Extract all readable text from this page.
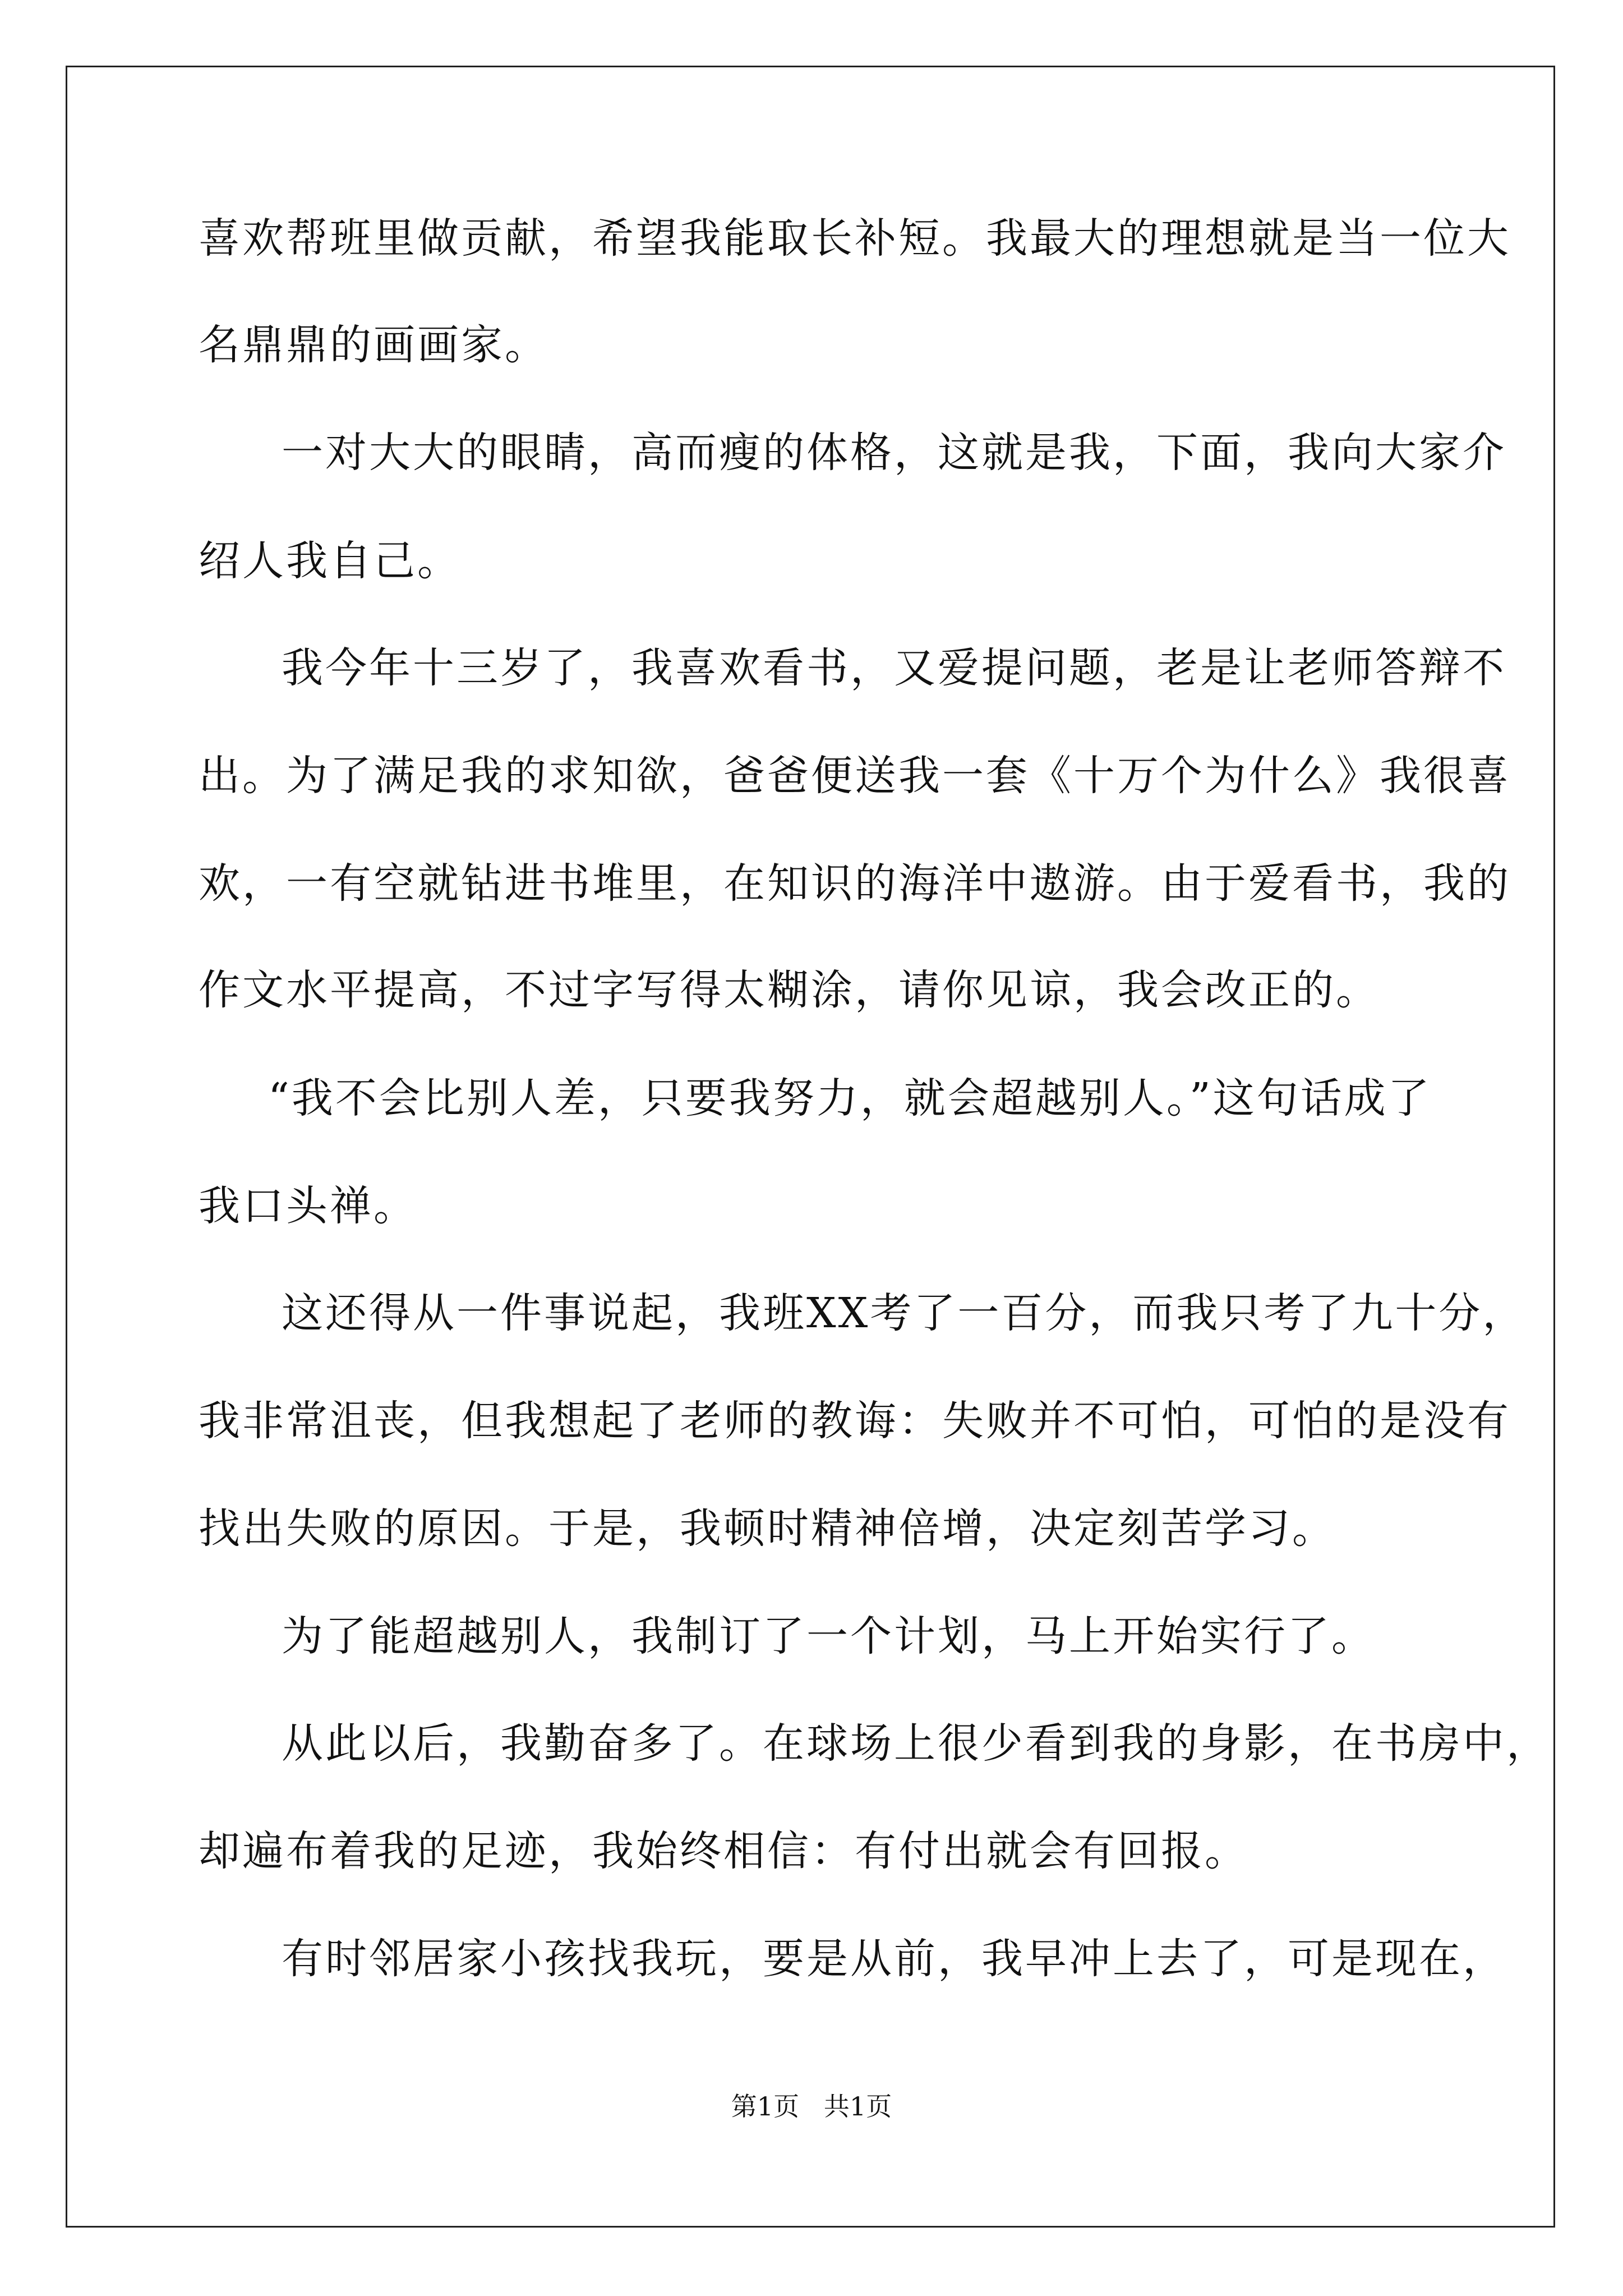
喜欢帮班里做贡献，希望我能取长补短。我最大的理想就是当一位大
名鼎鼎的画画家。
一对大大的眼睛，高而瘦的体格，这就是我，下面，我向大家介
绍人我自己。
我今年十三岁了，我喜欢看书，又爱提问题，老是让老师答辩不
出。为了满足我的求知欲，爸爸便送我一套《十万个为什么》我很喜
欢，一有空就钻进书堆里，在知识的海洋中遨游。由于爱看书，我的
作文水平提高，不过字写得太糊涂，请你见谅，我会改正的。
“我不会比别人差，只要我努力，就会超越别人。”这句话成了
我口头禅。
这还得从一件事说起，我班XX考了一百分，而我只考了九十分，
我非常沮丧，但我想起了老师的教诲：失败并不可怕，可怕的是没有
找出失败的原因。于是，我顿时精神倍增，决定刻苦学习。
为了能超越别人，我制订了一个计划，马上开始实行了。
从此以后，我勤奋多了。在球场上很少看到我的身影，在书房中，
却遍布着我的足迹，我始终相信：有付出就会有回报。
有时邻居家小孩找我玩，要是从前，我早冲上去了，可是现在，
第1页   共1页
